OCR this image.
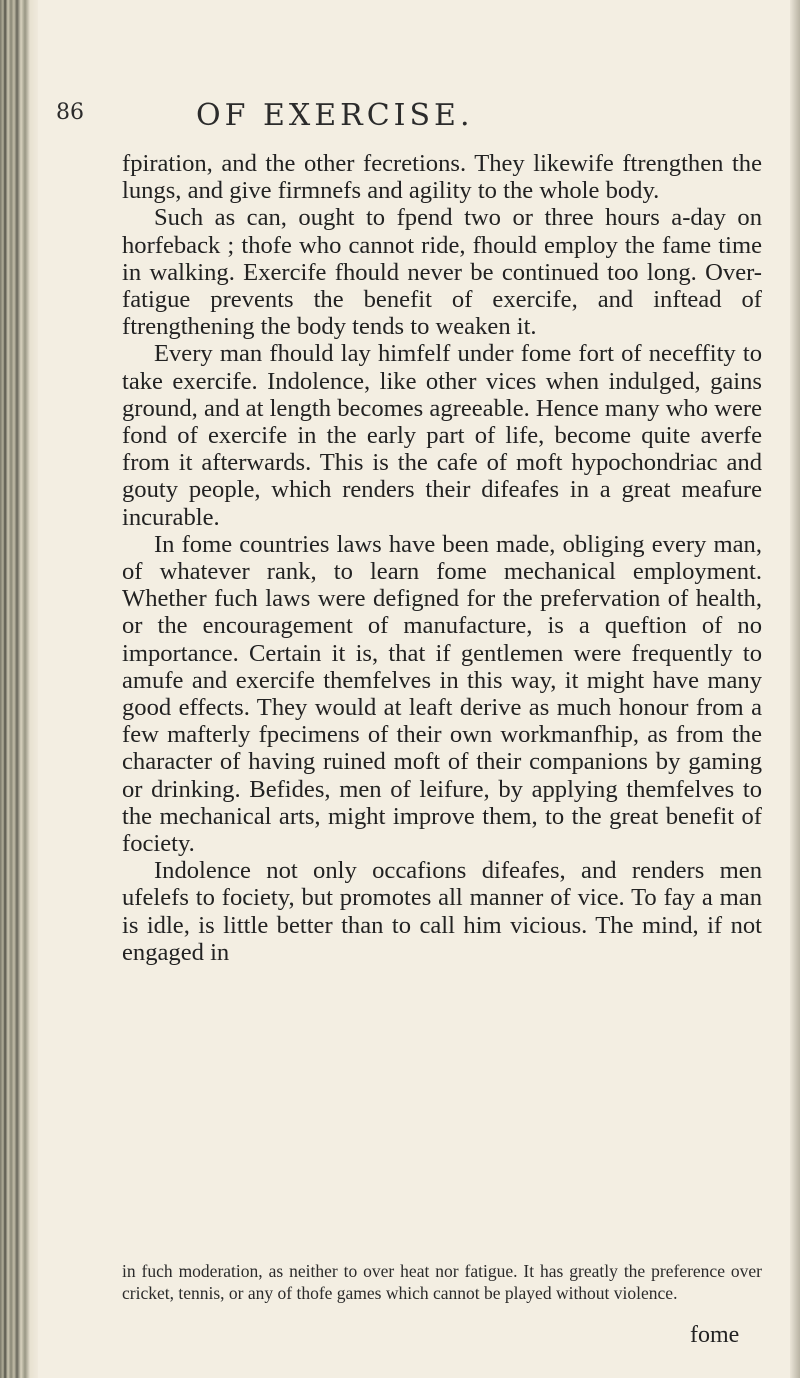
86	OF EXERCISE.

fpiration, and the other fecretions. They likewife ftrengthen the lungs, and give firmnefs and agility to the whole body.

Such as can, ought to fpend two or three hours a-day on horfeback ; thofe who cannot ride, fhould employ the fame time in walking. Exercife fhould never be continued too long. Over-fatigue prevents the benefit of exercife, and inftead of ftrengthening the body tends to weaken it.

Every man fhould lay himfelf under fome fort of neceffity to take exercife. Indolence, like other vices when indulged, gains ground, and at length becomes agreeable. Hence many who were fond of exercife in the early part of life, become quite averfe from it afterwards. This is the cafe of moft hypochondriac and gouty people, which renders their difeafes in a great meafure incurable.

In fome countries laws have been made, obliging every man, of whatever rank, to learn fome mechanical employment. Whether fuch laws were defigned for the prefervation of health, or the encouragement of manufacture, is a queftion of no importance. Certain it is, that if gentlemen were frequently to amufe and exercife themfelves in this way, it might have many good effects. They would at leaft derive as much honour from a few mafterly fpecimens of their own workmanfhip, as from the character of having ruined moft of their companions by gaming or drinking. Befides, men of leifure, by applying themfelves to the mechanical arts, might improve them, to the great benefit of fociety.

Indolence not only occafions difeafes, and renders men ufelefs to fociety, but promotes all manner of vice. To fay a man is idle, is little better than to call him vicious. The mind, if not engaged in

in fuch moderation, as neither to over heat nor fatigue. It has greatly the preference over cricket, tennis, or any of thofe games which cannot be played without violence.
fome
